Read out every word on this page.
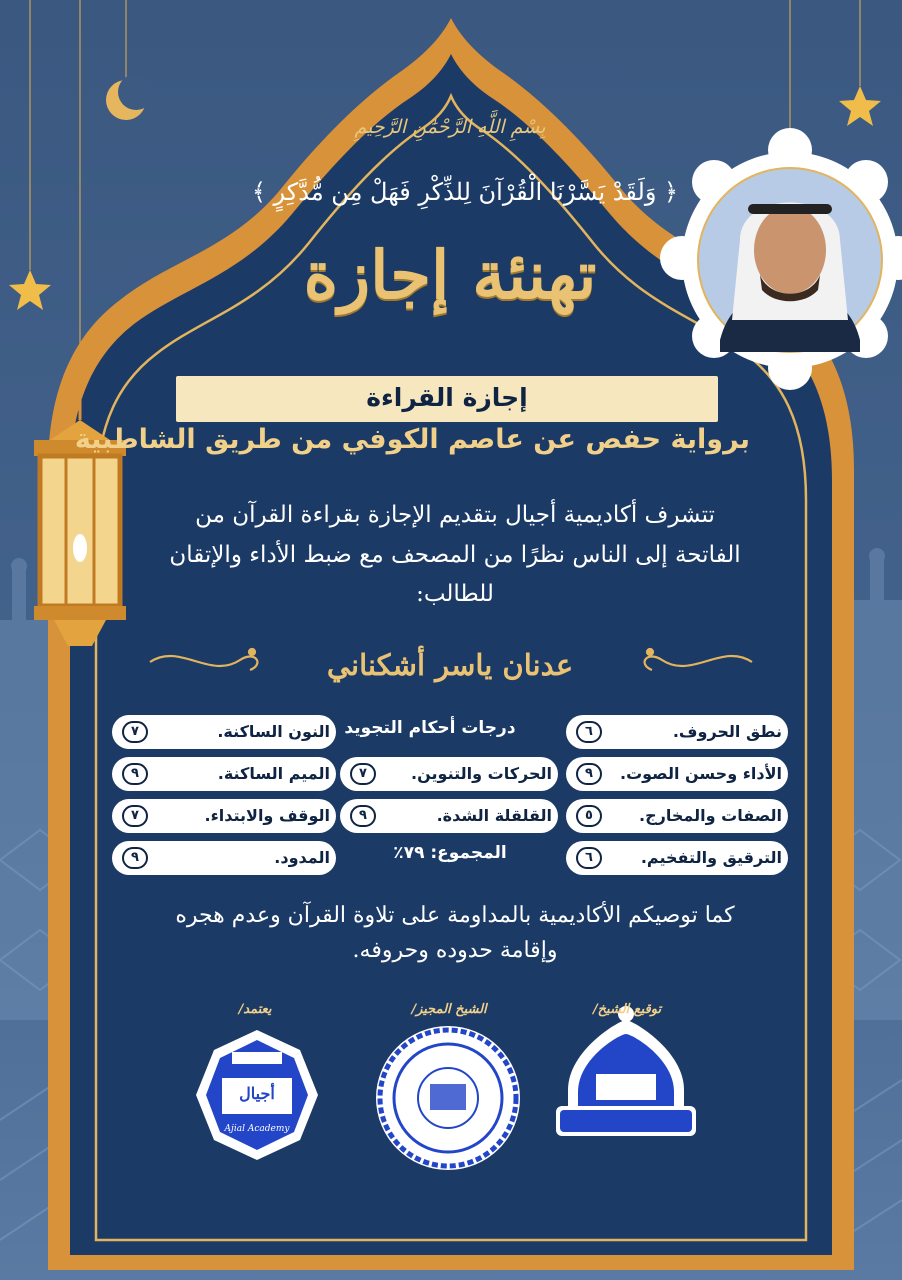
بِسْمِ اللَّهِ الرَّحْمَٰنِ الرَّحِيمِ
﴿ وَلَقَدْ يَسَّرْنَا الْقُرْآنَ لِلذِّكْرِ فَهَلْ مِن مُّدَّكِرٍ ﴾
تهنئة إجازة
إجازة القراءة
برواية حفص عن عاصم الكوفي من طريق الشاطبية
تتشرف أكاديمية أجيال بتقديم الإجازة بقراءة القرآن من الفاتحة إلى الناس نظرًا من المصحف مع ضبط الأداء والإتقان للطالب:
عدنان ياسر أشكناني
درجات أحكام التجويد	نطق الحروف.
٦
الأداء وحسن الصوت.
٩
الصفات والمخارج.
٥
الترقيق والتفخيم.
٦
الحركات والتنوين.
٧
القلقلة الشدة.
٩
المجموع: ٧٩٪
النون الساكنة.
٧
الميم الساكنة.
٩
الوقف والابتداء.
٧
المدود.
٩
كما توصيكم الأكاديمية بالمداومة على تلاوة القرآن وعدم هجره وإقامة حدوده وحروفه.
توقيع الشيخ/
الشيخ المجيز/
يعتمد/
أجيال
Ajial Academy
